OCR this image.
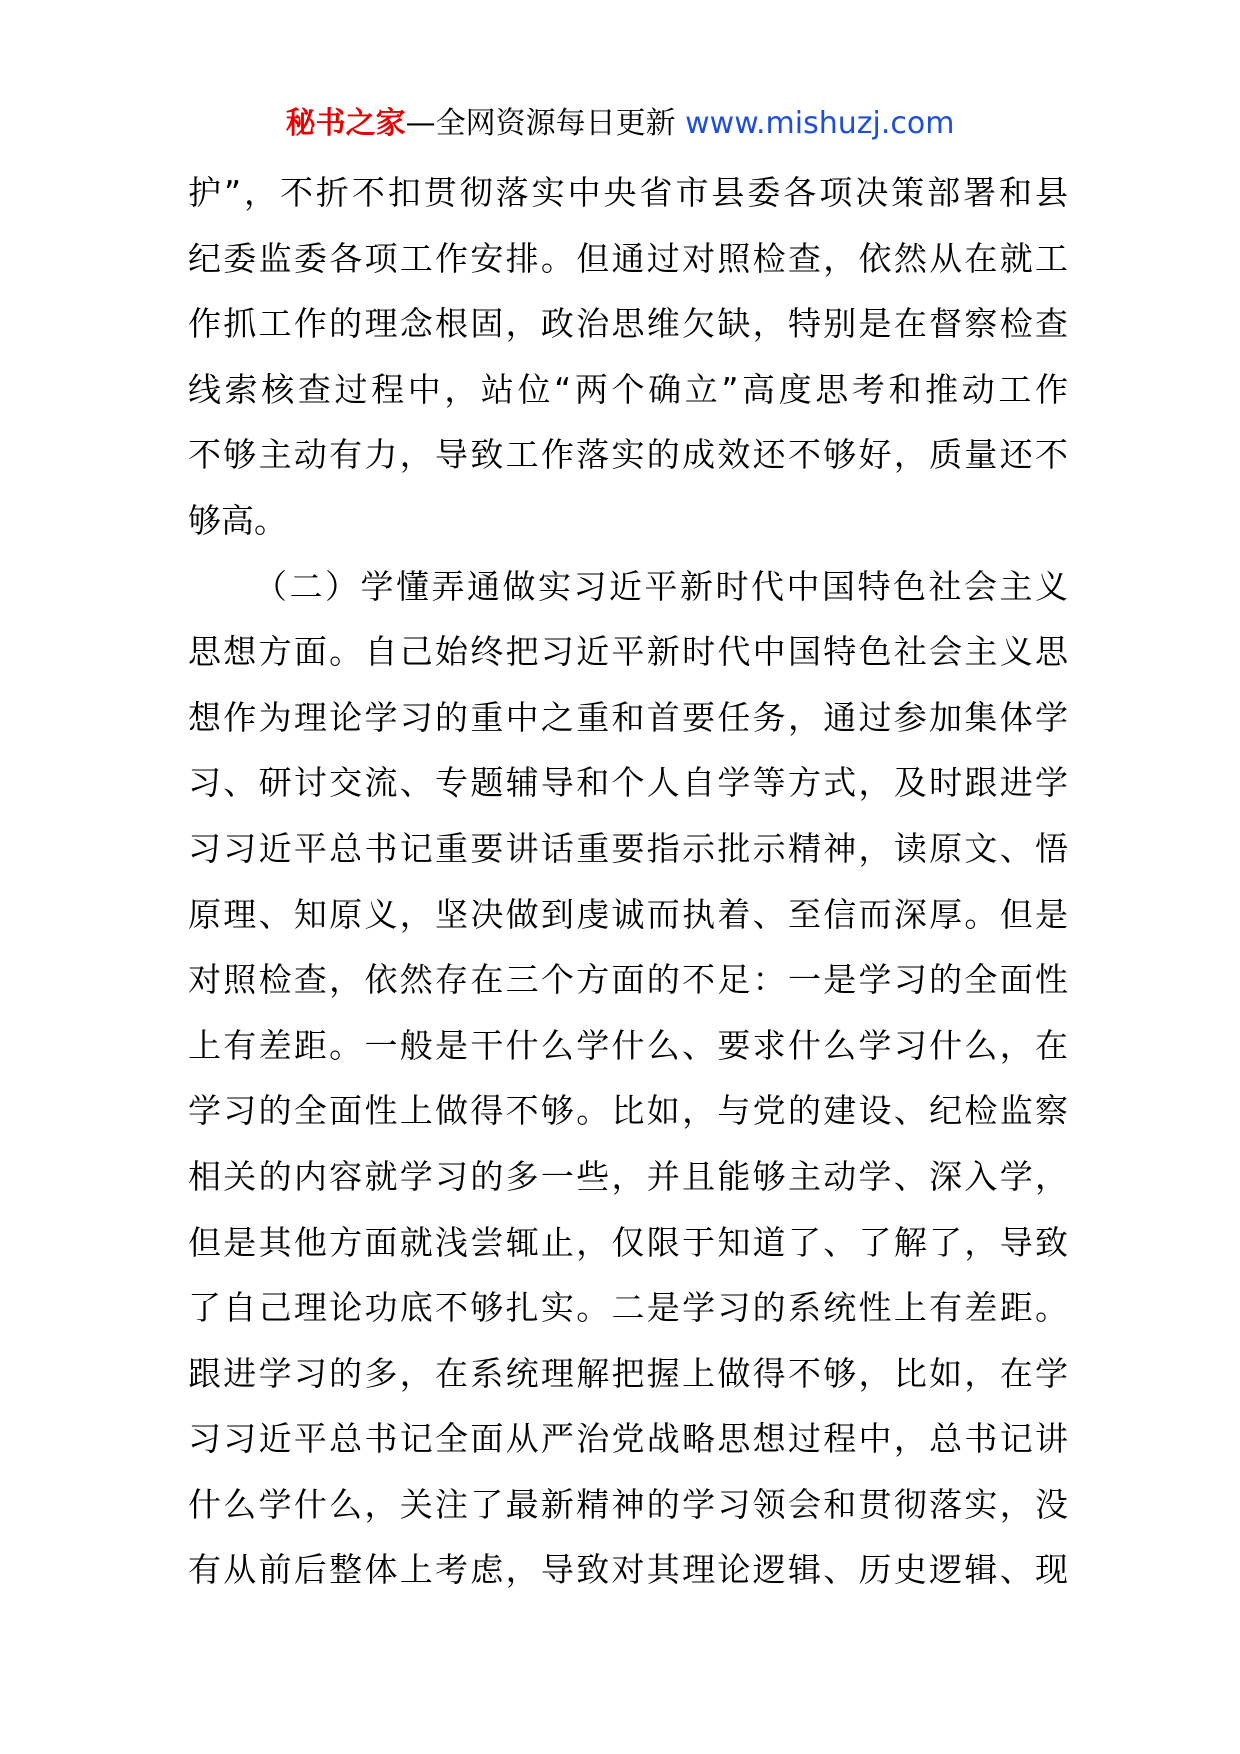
秘书之家—全网资源每日更新 www.mishuzj.com
护”，不折不扣贯彻落实中央省市县委各项决策部署和县
纪委监委各项工作安排。但通过对照检查，依然从在就工
作抓工作的理念根固，政治思维欠缺，特别是在督察检查
线索核查过程中，站位“两个确立”高度思考和推动工作
不够主动有力，导致工作落实的成效还不够好，质量还不
够高。
（二）学懂弄通做实习近平新时代中国特色社会主义
思想方面。自己始终把习近平新时代中国特色社会主义思
想作为理论学习的重中之重和首要任务，通过参加集体学
习、研讨交流、专题辅导和个人自学等方式，及时跟进学
习习近平总书记重要讲话重要指示批示精神，读原文、悟
原理、知原义，坚决做到虔诚而执着、至信而深厚。但是
对照检查，依然存在三个方面的不足：一是学习的全面性
上有差距。一般是干什么学什么、要求什么学习什么，在
学习的全面性上做得不够。比如，与党的建设、纪检监察
相关的内容就学习的多一些，并且能够主动学、深入学，
但是其他方面就浅尝辄止，仅限于知道了、了解了，导致
了自己理论功底不够扎实。二是学习的系统性上有差距。
跟进学习的多，在系统理解把握上做得不够，比如，在学
习习近平总书记全面从严治党战略思想过程中，总书记讲
什么学什么，关注了最新精神的学习领会和贯彻落实，没
有从前后整体上考虑，导致对其理论逻辑、历史逻辑、现
